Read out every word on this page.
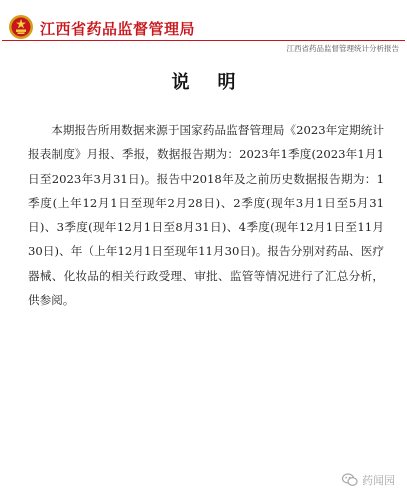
江西省药品监督管理局
江西省药品监督管理统计分析报告
说明

本期报告所用数据来源于国家药品监督管理局《2023年定期统计报表制度》月报、季报，数据报告期为：2023年1季度(2023年1月1日至2023年3月31日)。报告中2018年及之前历史数据报告期为：1季度(上年12月1日至现年2月28日)、2季度(现年3月1日至5月31日)、3季度(现年12月1日至8月31日)、4季度(现年12月1日至11月30日)、年（上年12月1日至现年11月30日)。报告分别对药品、医疗器械、化妆品的相关行政受理、审批、监管等情况进行了汇总分析，供参阅。

药闻园
